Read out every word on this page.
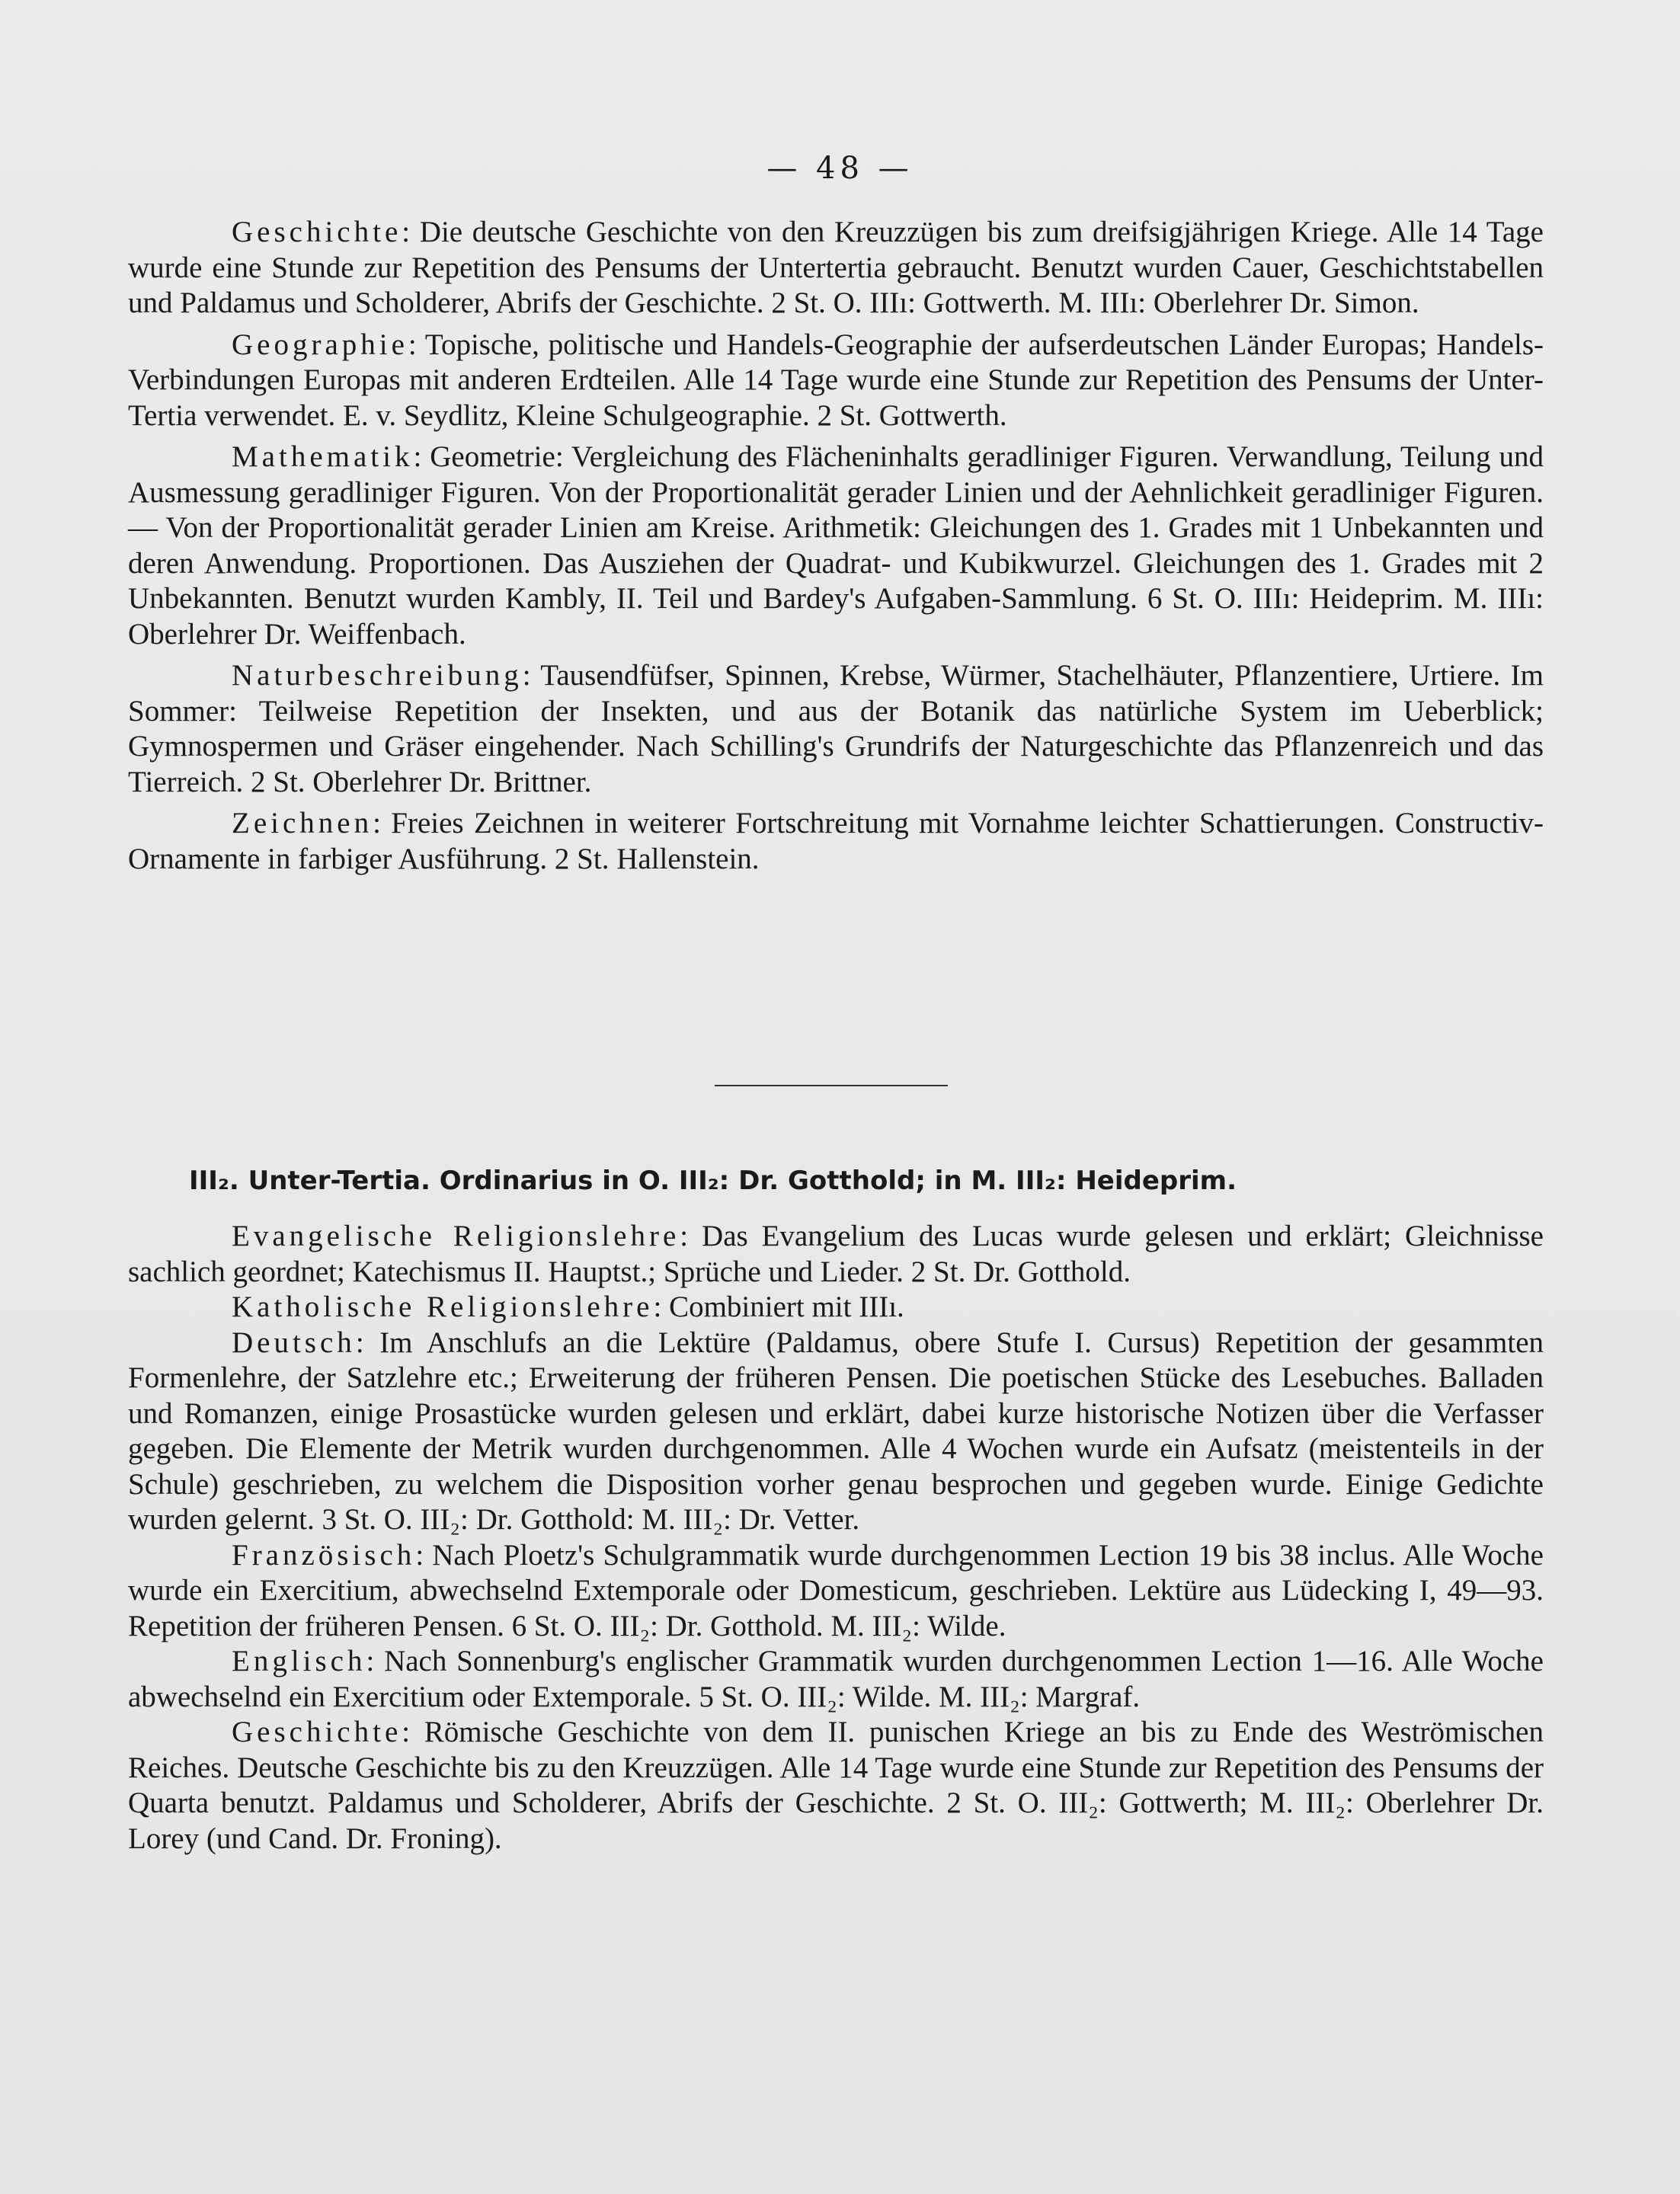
— 48 —

Geschichte: Die deutsche Geschichte von den Kreuzzügen bis zum dreifsigjährigen Kriege. Alle 14 Tage wurde eine Stunde zur Repetition des Pensums der Untertertia gebraucht. Benutzt wurden Cauer, Geschichtstabellen und Paldamus und Scholderer, Abrifs der Geschichte. 2 St. O. IIIı: Gottwerth. M. IIIı: Oberlehrer Dr. Simon.

Geographie: Topische, politische und Handels-Geographie der aufserdeutschen Länder Europas; Handels-Verbindungen Europas mit anderen Erdteilen. Alle 14 Tage wurde eine Stunde zur Repetition des Pensums der Unter-Tertia verwendet. E. v. Seydlitz, Kleine Schulgeographie. 2 St. Gottwerth.

Mathematik: Geometrie: Vergleichung des Flächeninhalts geradliniger Figuren. Verwandlung, Teilung und Ausmessung geradliniger Figuren. Von der Proportionalität gerader Linien und der Aehnlichkeit geradliniger Figuren. — Von der Proportionalität gerader Linien am Kreise. Arithmetik: Gleichungen des 1. Grades mit 1 Unbekannten und deren Anwendung. Proportionen. Das Ausziehen der Quadrat- und Kubikwurzel. Gleichungen des 1. Grades mit 2 Unbekannten. Benutzt wurden Kambly, II. Teil und Bardey's Aufgaben-Sammlung. 6 St. O. IIIı: Heideprim. M. IIIı: Oberlehrer Dr. Weiffenbach.

Naturbeschreibung: Tausendfüfser, Spinnen, Krebse, Würmer, Stachelhäuter, Pflanzentiere, Urtiere. Im Sommer: Teilweise Repetition der Insekten, und aus der Botanik das natürliche System im Ueberblick; Gymnospermen und Gräser eingehender. Nach Schilling's Grundrifs der Naturgeschichte das Pflanzenreich und das Tierreich. 2 St. Oberlehrer Dr. Brittner.

Zeichnen: Freies Zeichnen in weiterer Fortschreitung mit Vornahme leichter Schattierungen. Constructiv-Ornamente in farbiger Ausführung. 2 St. Hallenstein.

III₂. Unter-Tertia. Ordinarius in O. III₂: Dr. Gotthold; in M. III₂: Heideprim.

Evangelische Religionslehre: Das Evangelium des Lucas wurde gelesen und erklärt; Gleichnisse sachlich geordnet; Katechismus II. Hauptst.; Sprüche und Lieder. 2 St. Dr. Gotthold.

Katholische Religionslehre: Combiniert mit IIIı.

Deutsch: Im Anschlufs an die Lektüre (Paldamus, obere Stufe I. Cursus) Repetition der gesammten Formenlehre, der Satzlehre etc.; Erweiterung der früheren Pensen. Die poetischen Stücke des Lesebuches. Balladen und Romanzen, einige Prosastücke wurden gelesen und erklärt, dabei kurze historische Notizen über die Verfasser gegeben. Die Elemente der Metrik wurden durchgenommen. Alle 4 Wochen wurde ein Aufsatz (meistenteils in der Schule) geschrieben, zu welchem die Disposition vorher genau besprochen und gegeben wurde. Einige Gedichte wurden gelernt. 3 St. O. III₂: Dr. Gotthold: M. III₂: Dr. Vetter.

Französisch: Nach Ploetz's Schulgrammatik wurde durchgenommen Lection 19 bis 38 inclus. Alle Woche wurde ein Exercitium, abwechselnd Extemporale oder Domesticum, geschrieben. Lektüre aus Lüdecking I, 49—93. Repetition der früheren Pensen. 6 St. O. III₂: Dr. Gotthold. M. III₂: Wilde.

Englisch: Nach Sonnenburg's englischer Grammatik wurden durchgenommen Lection 1—16. Alle Woche abwechselnd ein Exercitium oder Extemporale. 5 St. O. III₂: Wilde. M. III₂: Margraf.

Geschichte: Römische Geschichte von dem II. punischen Kriege an bis zu Ende des Weströmischen Reiches. Deutsche Geschichte bis zu den Kreuzzügen. Alle 14 Tage wurde eine Stunde zur Repetition des Pensums der Quarta benutzt. Paldamus und Scholderer, Abrifs der Geschichte. 2 St. O. III₂: Gottwerth; M. III₂: Oberlehrer Dr. Lorey (und Cand. Dr. Froning).
